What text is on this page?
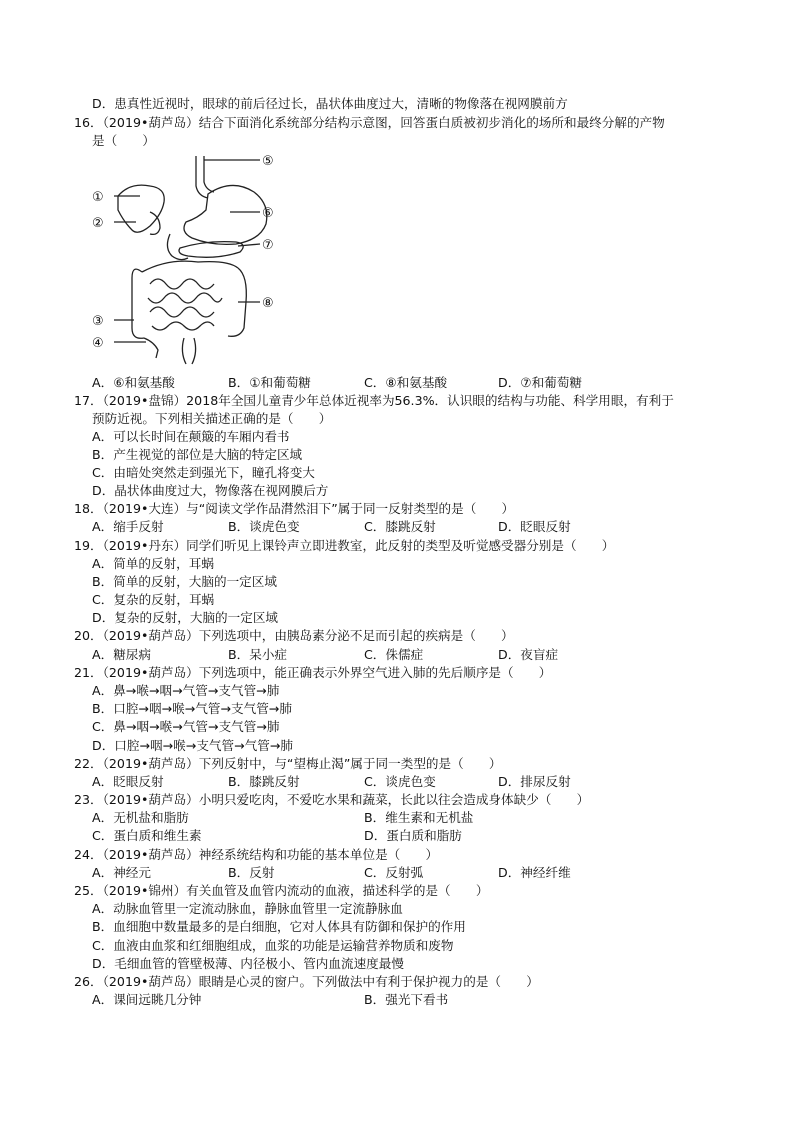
D．患真性近视时，眼球的前后径过长，晶状体曲度过大，清晰的物像落在视网膜前方
16．（2019•葫芦岛）结合下面消化系统部分结构示意图，回答蛋白质被初步消化的场所和最终分解的产物
是（　　）
①
②
③
④
⑤
⑥
⑦
⑧
A．⑥和氨基酸	B．①和葡萄糖	C．⑧和氨基酸	D．⑦和葡萄糖
17．（2019•盘锦）2018年全国儿童青少年总体近视率为56.3%．认识眼的结构与功能、科学用眼，有利于
预防近视。下列相关描述正确的是（　　）
A．可以长时间在颠簸的车厢内看书
B．产生视觉的部位是大脑的特定区域
C．由暗处突然走到强光下，瞳孔将变大
D．晶状体曲度过大，物像落在视网膜后方
18．（2019•大连）与“阅读文学作品潸然泪下”属于同一反射类型的是（　　）
A．缩手反射	B．谈虎色变	C．膝跳反射	D．眨眼反射
19．（2019•丹东）同学们听见上课铃声立即进教室，此反射的类型及听觉感受器分别是（　　）
A．简单的反射，耳蜗
B．简单的反射，大脑的一定区域
C．复杂的反射，耳蜗
D．复杂的反射，大脑的一定区域
20．（2019•葫芦岛）下列选项中，由胰岛素分泌不足而引起的疾病是（　　）
A．糖尿病	B．呆小症	C．侏儒症	D．夜盲症
21．（2019•葫芦岛）下列选项中，能正确表示外界空气进入肺的先后顺序是（　　）
A．鼻→喉→咽→气管→支气管→肺
B．口腔→咽→喉→气管→支气管→肺
C．鼻→咽→喉→气管→支气管→肺
D．口腔→咽→喉→支气管→气管→肺
22．（2019•葫芦岛）下列反射中，与“望梅止渴”属于同一类型的是（　　）
A．眨眼反射	B．膝跳反射	C．谈虎色变	D．排尿反射
23．（2019•葫芦岛）小明只爱吃肉，不爱吃水果和蔬菜，长此以往会造成身体缺少（　　）
A．无机盐和脂肪	B．维生素和无机盐
C．蛋白质和维生素	D．蛋白质和脂肪
24．（2019•葫芦岛）神经系统结构和功能的基本单位是（　　）
A．神经元	B．反射	C．反射弧	D．神经纤维
25．（2019•锦州）有关血管及血管内流动的血液，描述科学的是（　　）
A．动脉血管里一定流动脉血，静脉血管里一定流静脉血
B．血细胞中数量最多的是白细胞，它对人体具有防御和保护的作用
C．血液由血浆和红细胞组成，血浆的功能是运输营养物质和废物
D．毛细血管的管壁极薄、内径极小、管内血流速度最慢
26．（2019•葫芦岛）眼睛是心灵的窗户。下列做法中有利于保护视力的是（　　）
A．课间远眺几分钟	B．强光下看书
